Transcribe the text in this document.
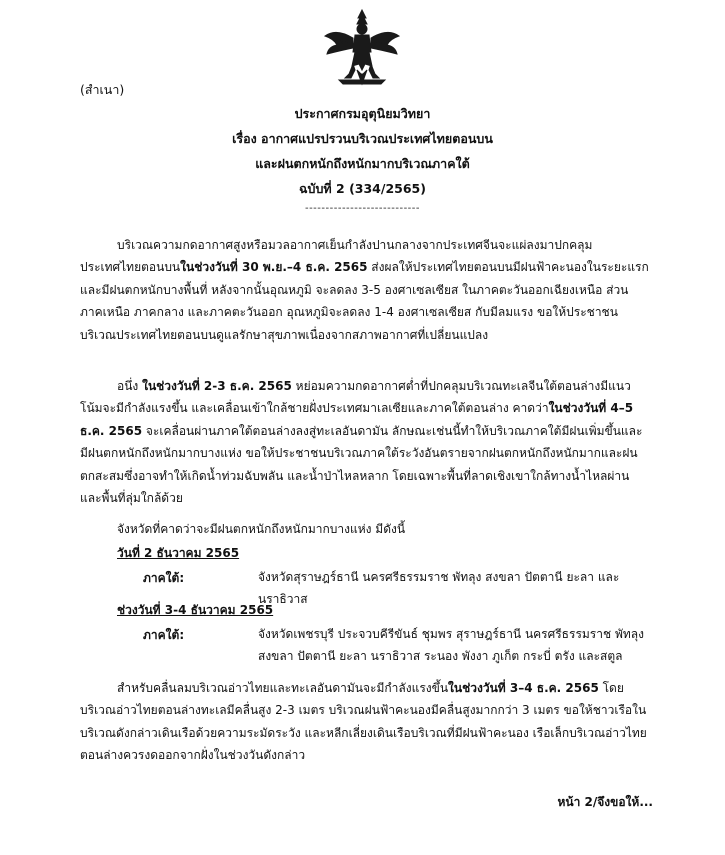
(สำเนา)
ประกาศกรมอุตุนิยมวิทยา
เรื่อง อากาศแปรปรวนบริเวณประเทศไทยตอนบน
และฝนตกหนักถึงหนักมากบริเวณภาคใต้
ฉบับที่ 2 (334/2565)
----------------------------

บริเวณความกดอากาศสูงหรือมวลอากาศเย็นกำลังปานกลางจากประเทศจีนจะแผ่ลงมาปกคลุมประเทศไทยตอนบนในช่วงวันที่ 30 พ.ย.–4 ธ.ค. 2565 ส่งผลให้ประเทศไทยตอนบนมีฝนฟ้าคะนองในระยะแรกและมีฝนตกหนักบางพื้นที่ หลังจากนั้นอุณหภูมิ จะลดลง 3-5 องศาเซลเซียส ในภาคตะวันออกเฉียงเหนือ ส่วนภาคเหนือ ภาคกลาง และภาคตะวันออก อุณหภูมิจะลดลง 1-4 องศาเซลเซียส กับมีลมแรง ขอให้ประชาชนบริเวณประเทศไทยตอนบนดูแลรักษาสุขภาพเนื่องจากสภาพอากาศที่เปลี่ยนแปลง

อนึ่ง ในช่วงวันที่ 2-3 ธ.ค. 2565 หย่อมความกดอากาศต่ำที่ปกคลุมบริเวณทะเลจีนใต้ตอนล่างมีแนวโน้มจะมีกำลังแรงขึ้น และเคลื่อนเข้าใกล้ชายฝั่งประเทศมาเลเซียและภาคใต้ตอนล่าง คาดว่าในช่วงวันที่ 4–5 ธ.ค. 2565 จะเคลื่อนผ่านภาคใต้ตอนล่างลงสู่ทะเลอันดามัน ลักษณะเช่นนี้ทำให้บริเวณภาคใต้มีฝนเพิ่มขึ้นและมีฝนตกหนักถึงหนักมากบางแห่ง ขอให้ประชาชนบริเวณภาคใต้ระวังอันตรายจากฝนตกหนักถึงหนักมากและฝนตกสะสมซึ่งอาจทำให้เกิดน้ำท่วมฉับพลัน และน้ำป่าไหลหลาก โดยเฉพาะพื้นที่ลาดเชิงเขาใกล้ทางน้ำไหลผ่าน และพื้นที่ลุ่มใกล้ด้วย

จังหวัดที่คาดว่าจะมีฝนตกหนักถึงหนักมากบางแห่ง มีดังนี้
วันที่ 2 ธันวาคม 2565
ภาคใต้:	จังหวัดสุราษฎร์ธานี นครศรีธรรมราช พัทลุง สงขลา ปัตตานี ยะลา และนราธิวาส
ช่วงวันที่ 3-4 ธันวาคม 2565
ภาคใต้:	จังหวัดเพชรบุรี ประจวบคีรีขันธ์ ชุมพร สุราษฎร์ธานี นครศรีธรรมราช พัทลุง สงขลา ปัตตานี ยะลา นราธิวาส ระนอง พังงา ภูเก็ต กระบี่ ตรัง และสตูล

สำหรับคลื่นลมบริเวณอ่าวไทยและทะเลอันดามันจะมีกำลังแรงขึ้นในช่วงวันที่ 3–4 ธ.ค. 2565 โดยบริเวณอ่าวไทยตอนล่างทะเลมีคลื่นสูง 2-3 เมตร บริเวณฝนฟ้าคะนองมีคลื่นสูงมากกว่า 3 เมตร ขอให้ชาวเรือในบริเวณดังกล่าวเดินเรือด้วยความระมัดระวัง และหลีกเลี่ยงเดินเรือบริเวณที่มีฝนฟ้าคะนอง เรือเล็กบริเวณอ่าวไทยตอนล่างควรงดออกจากฝั่งในช่วงวันดังกล่าว

หน้า 2/จึงขอให้...
